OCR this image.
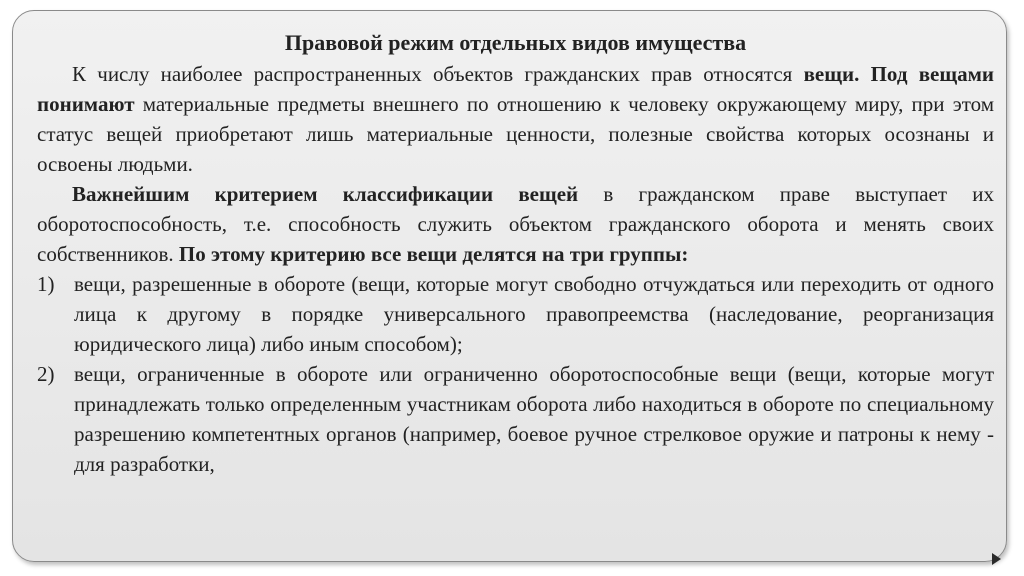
Правовой режим отдельных видов имущества

К числу наиболее распространенных объектов гражданских прав относятся вещи. Под вещами понимают материальные предметы внешнего по отношению к человеку окружающему миру, при этом статус вещей приобретают лишь материальные ценности, полезные свойства которых осознаны и освоены людьми.

Важнейшим критерием классификации вещей в гражданском праве выступает их оборотоспособность, т.е. способность служить объектом гражданского оборота и менять своих собственников. По этому критерию все вещи делятся на три группы:

1) вещи, разрешенные в обороте (вещи, которые могут свободно отчуждаться или переходить от одного лица к другому в порядке универсального правопреемства (наследование, реорганизация юридического лица) либо иным способом);
2) вещи, ограниченные в обороте или ограниченно оборотоспособные вещи (вещи, которые могут принадлежать только определенным участникам оборота либо находиться в обороте по специальному разрешению компетентных органов (например, боевое ручное стрелковое оружие и патроны к нему - для разработки,
